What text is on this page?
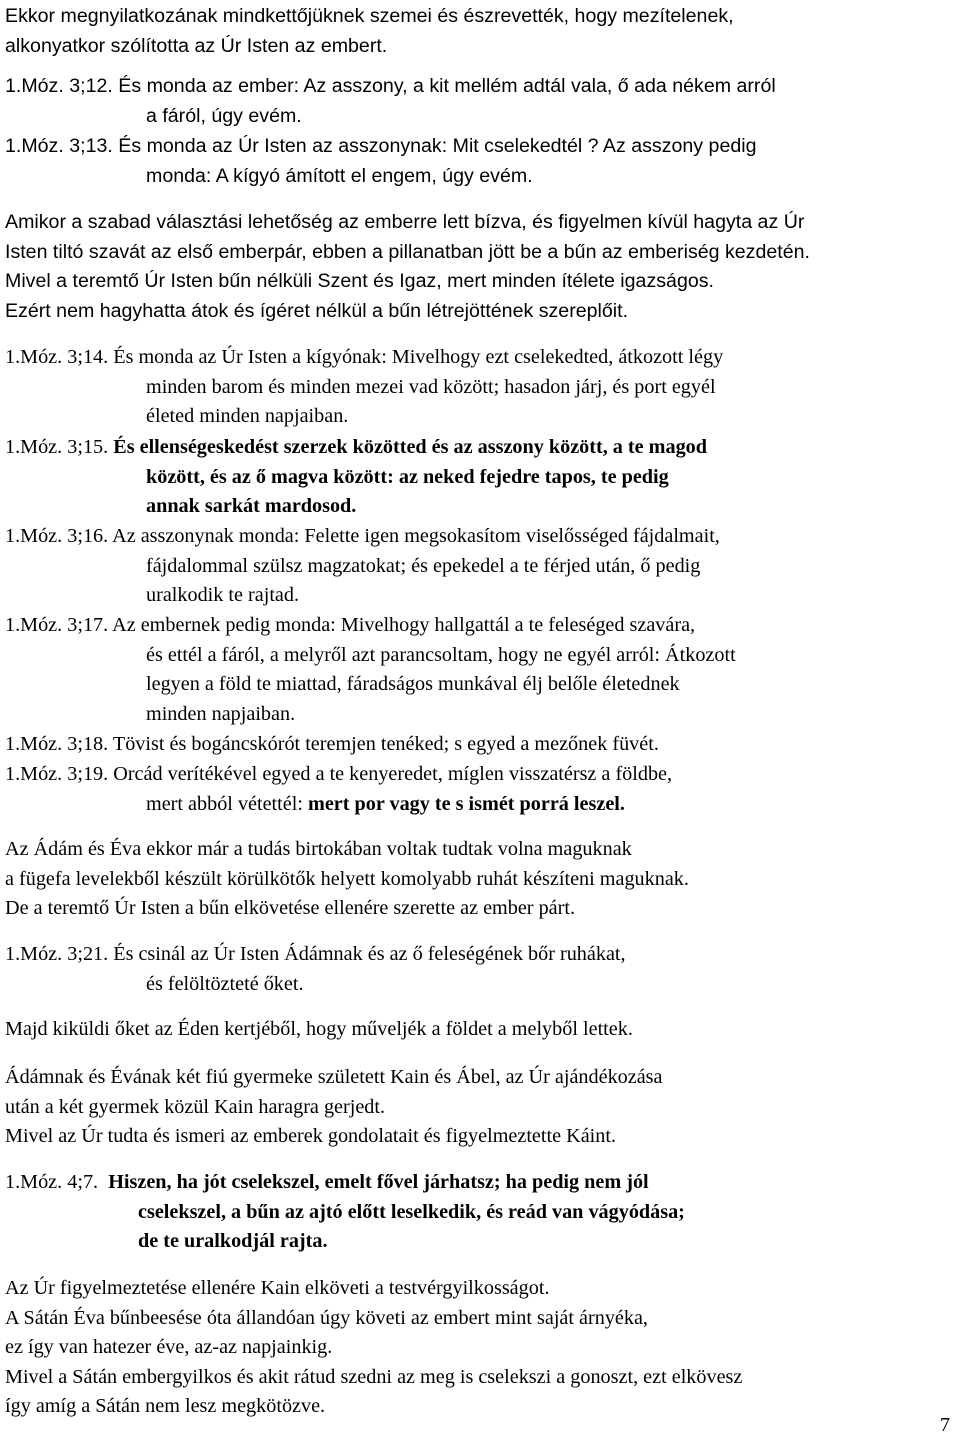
Ekkor megnyilatkozának mindkettőjüknek szemei és észrevették, hogy mezítelenek,
alkonyatkor szólította az Úr Isten az embert.
1.Móz. 3;12. És monda az ember: Az asszony, a kit mellém adtál vala, ő ada nékem arról
a fáról, úgy evém.
1.Móz. 3;13. És monda az Úr Isten az asszonynak: Mit cselekedtél ? Az asszony pedig
monda: A kígyó ámított el engem, úgy evém.
Amikor a szabad választási lehetőség az emberre lett bízva, és figyelmen kívül hagyta az Úr
Isten tiltó szavát az első emberpár, ebben a pillanatban jött be a bűn az emberiség kezdetén.
Mivel a teremtő Úr Isten bűn nélküli Szent és Igaz, mert minden ítélete igazságos.
Ezért nem hagyhatta átok és ígéret nélkül a bűn létrejöttének szereplőit.
1.Móz. 3;14. És monda az Úr Isten a kígyónak: Mivelhogy ezt cselekedted, átkozott légy
minden barom és minden mezei vad között; hasadon járj, és port egyél
életed minden napjaiban.
1.Móz. 3;15. És ellenségeskedést szerzek közötted és az asszony között, a te magod
között, és az ő magva között: az neked fejedre tapos, te pedig
annak sarkát mardosod.
1.Móz. 3;16. Az asszonynak monda: Felette igen megsokasítom viselősséged fájdalmait,
fájdalommal szülsz magzatokat; és epekedel a te férjed után, ő pedig
uralkodik te rajtad.
1.Móz. 3;17. Az embernek pedig monda: Mivelhogy hallgattál a te feleséged szavára,
és ettél a fáról, a melyről azt parancsoltam, hogy ne egyél arról: Átkozott
legyen a föld te miattad, fáradságos munkával élj belőle életednek
minden napjaiban.
1.Móz. 3;18. Tövist és bogáncskórót teremjen tenéked; s egyed a mezőnek füvét.
1.Móz. 3;19. Orcád verítékével egyed a te kenyeredet, míglen visszatérsz a földbe,
mert abból vétettél: mert por vagy te s ismét porrá leszel.
Az Ádám és Éva ekkor már a tudás birtokában voltak tudtak volna maguknak
a fügefa levelekből készült körülkötők helyett komolyabb ruhát készíteni maguknak.
De a teremtő Úr Isten a bűn elkövetése ellenére szerette az ember párt.
1.Móz. 3;21. És csinál az Úr Isten Ádámnak és az ő feleségének bőr ruhákat,
és felöltözteté őket.
Majd kiküldi őket az Éden kertjéből, hogy műveljék a földet a melyből lettek.
Ádámnak és Évának két fiú gyermeke született Kain és Ábel, az Úr ajándékozása
után a két gyermek közül Kain haragra gerjedt.
Mivel az Úr tudta és ismeri az emberek gondolatait és figyelmeztette Káint.
1.Móz. 4;7. Hiszen, ha jót cselekszel, emelt fővel járhatsz; ha pedig nem jól
cselekszel, a bűn az ajtó előtt leselkedik, és reád van vágyódása;
de te uralkodjál rajta.
Az Úr figyelmeztetése ellenére Kain elköveti a testvérgyilkosságot.
A Sátán Éva bűnbeesése óta állandóan úgy követi az embert mint saját árnyéka,
ez így van hatezer éve, az-az napjainkig.
Mivel a Sátán embergyilkos és akit rátud szedni az meg is cselekszi a gonoszt, ezt elkövesz
így amíg a Sátán nem lesz megkötözve.
7
